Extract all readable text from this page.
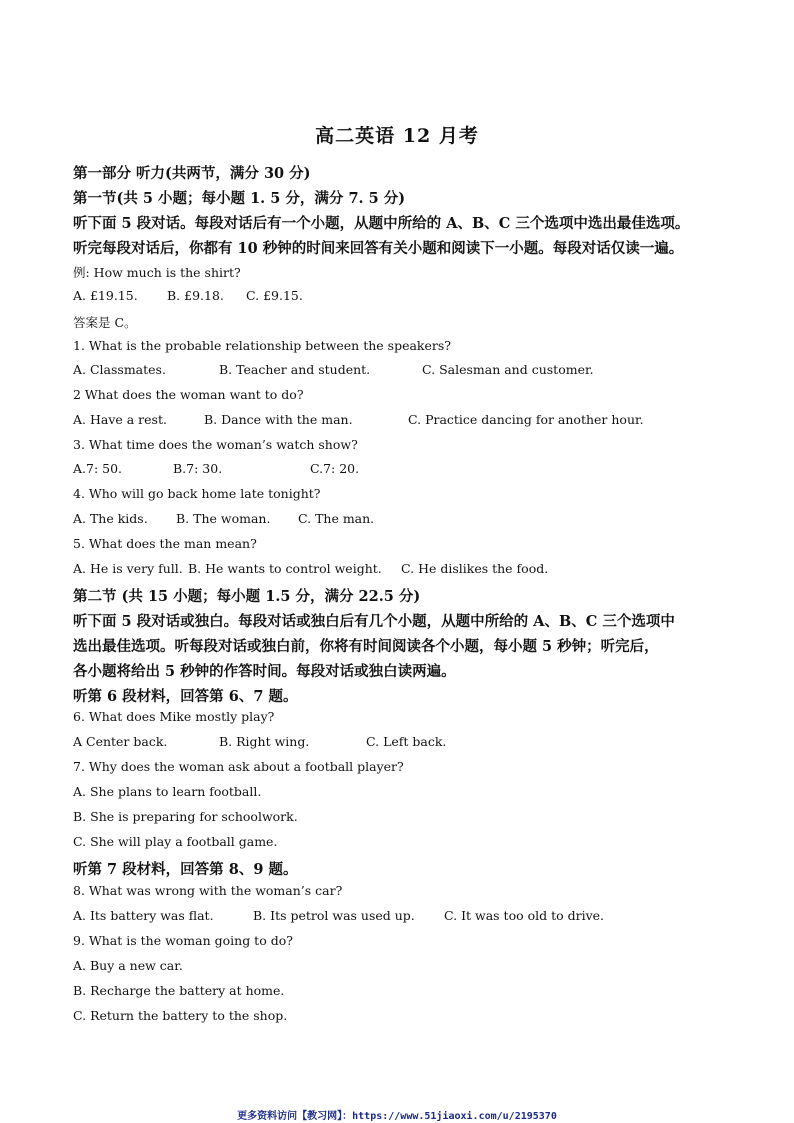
高二英语 12 月考
第一部分 听力(共两节，满分 30 分)
第一节(共 5 小题；每小题 1. 5 分，满分 7. 5 分)
听下面 5 段对话。每段对话后有一个小题，从题中所给的 A、B、C 三个选项中选出最佳选项。
听完每段对话后，你都有 10 秒钟的时间来回答有关小题和阅读下一小题。每段对话仅读一遍。
例: How much is the shirt?
A. £19.15. B. £9.18. C. £9.15.
答案是 C。
1. What is the probable relationship between the speakers?
A. Classmates.	B. Teacher and student.	C. Salesman and customer.
2 What does the woman want to do?
A. Have a rest.	B. Dance with the man.	C. Practice dancing for another hour.
3. What time does the woman’s watch show?
A.7: 50.	B.7: 30.	C.7: 20.
4. Who will go back home late tonight?
A. The kids. B. The woman. C. The man.
5. What does the man mean?
A. He is very full. B. He wants to control weight. C. He dislikes the food.
第二节 (共 15 小题；每小题 1.5 分，满分 22.5 分)
听下面 5 段对话或独白。每段对话或独白后有几个小题，从题中所给的 A、B、C 三个选项中
选出最佳选项。听每段对话或独白前，你将有时间阅读各个小题，每小题 5 秒钟；听完后，
各小题将给出 5 秒钟的作答时间。每段对话或独白读两遍。
听第 6 段材料，回答第 6、7 题。
6. What does Mike mostly play?
A Center back.	B. Right wing.	C. Left back.
7. Why does the woman ask about a football player?
A. She plans to learn football.
B. She is preparing for schoolwork.
C. She will play a football game.
听第 7 段材料，回答第 8、9 题。
8. What was wrong with the woman’s car?
A. Its battery was flat.	B. Its petrol was used up. C. It was too old to drive.
9. What is the woman going to do?
A. Buy a new car.
B. Recharge the battery at home.
C. Return the battery to the shop.
更多资料访问【教习网】：https://www.51jiaoxi.com/u/2195370
